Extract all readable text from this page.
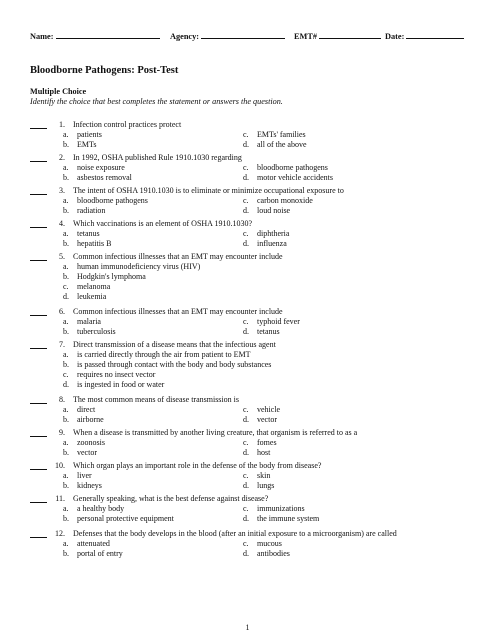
Name:	Agency:	EMT#	Date:
Bloodborne Pathogens: Post-Test
Multiple Choice
Identify the choice that best completes the statement or answers the question.
1. Infection control practices protect
a. patients	c. EMTs' families
b. EMTs	d. all of the above
2. In 1992, OSHA published Rule 1910.1030 regarding
a. noise exposure	c. bloodborne pathogens
b. asbestos removal	d. motor vehicle accidents
3. The intent of OSHA 1910.1030 is to eliminate or minimize occupational exposure to
a. bloodborne pathogens	c. carbon monoxide
b. radiation	d. loud noise
4. Which vaccinations is an element of OSHA 1910.1030?
a. tetanus	c. diphtheria
b. hepatitis B	d. influenza
5. Common infectious illnesses that an EMT may encounter include
a. human immunodeficiency virus (HIV)
b. Hodgkin's lymphoma
c. melanoma
d. leukemia
6. Common infectious illnesses that an EMT may encounter include
a. malaria	c. typhoid fever
b. tuberculosis	d. tetanus
7. Direct transmission of a disease means that the infectious agent
a. is carried directly through the air from patient to EMT
b. is passed through contact with the body and body substances
c. requires no insect vector
d. is ingested in food or water
8. The most common means of disease transmission is
a. direct	c. vehicle
b. airborne	d. vector
9. When a disease is transmitted by another living creature, that organism is referred to as a
a. zoonosis	c. fomes
b. vector	d. host
10. Which organ plays an important role in the defense of the body from disease?
a. liver	c. skin
b. kidneys	d. lungs
11. Generally speaking, what is the best defense against disease?
a. a healthy body	c. immunizations
b. personal protective equipment	d. the immune system
12. Defenses that the body develops in the blood (after an initial exposure to a microorganism) are called
a. attenuated	c. mucous
b. portal of entry	d. antibodies
1
